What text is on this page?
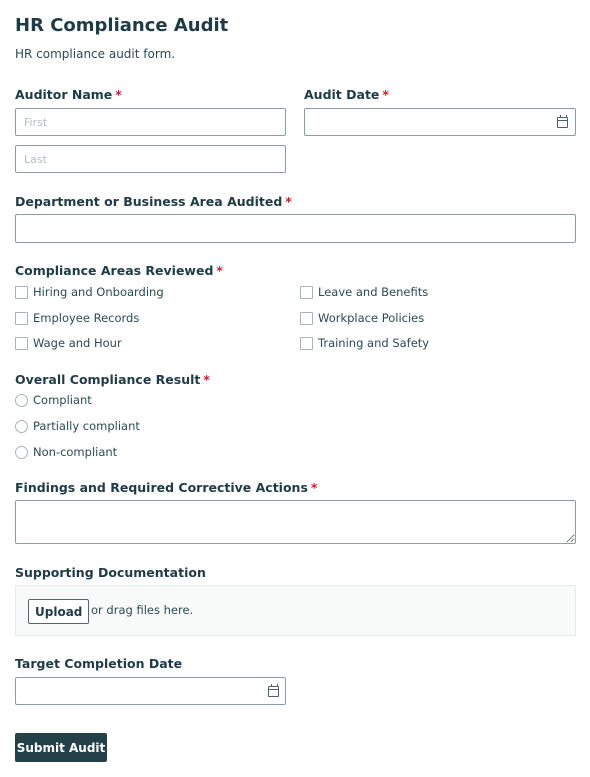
HR Compliance Audit
HR compliance audit form.
Auditor Name *
First
Last	Audit Date *
Department or Business Area Audited *
Compliance Areas Reviewed *
Hiring and Onboarding
Employee Records
Wage and Hour
Leave and Benefits
Workplace Policies
Training and Safety
Overall Compliance Result *
Compliant
Partially compliant
Non-compliant
Findings and Required Corrective Actions *
Supporting Documentation
Upload or drag files here.
Target Completion Date
Submit Audit
